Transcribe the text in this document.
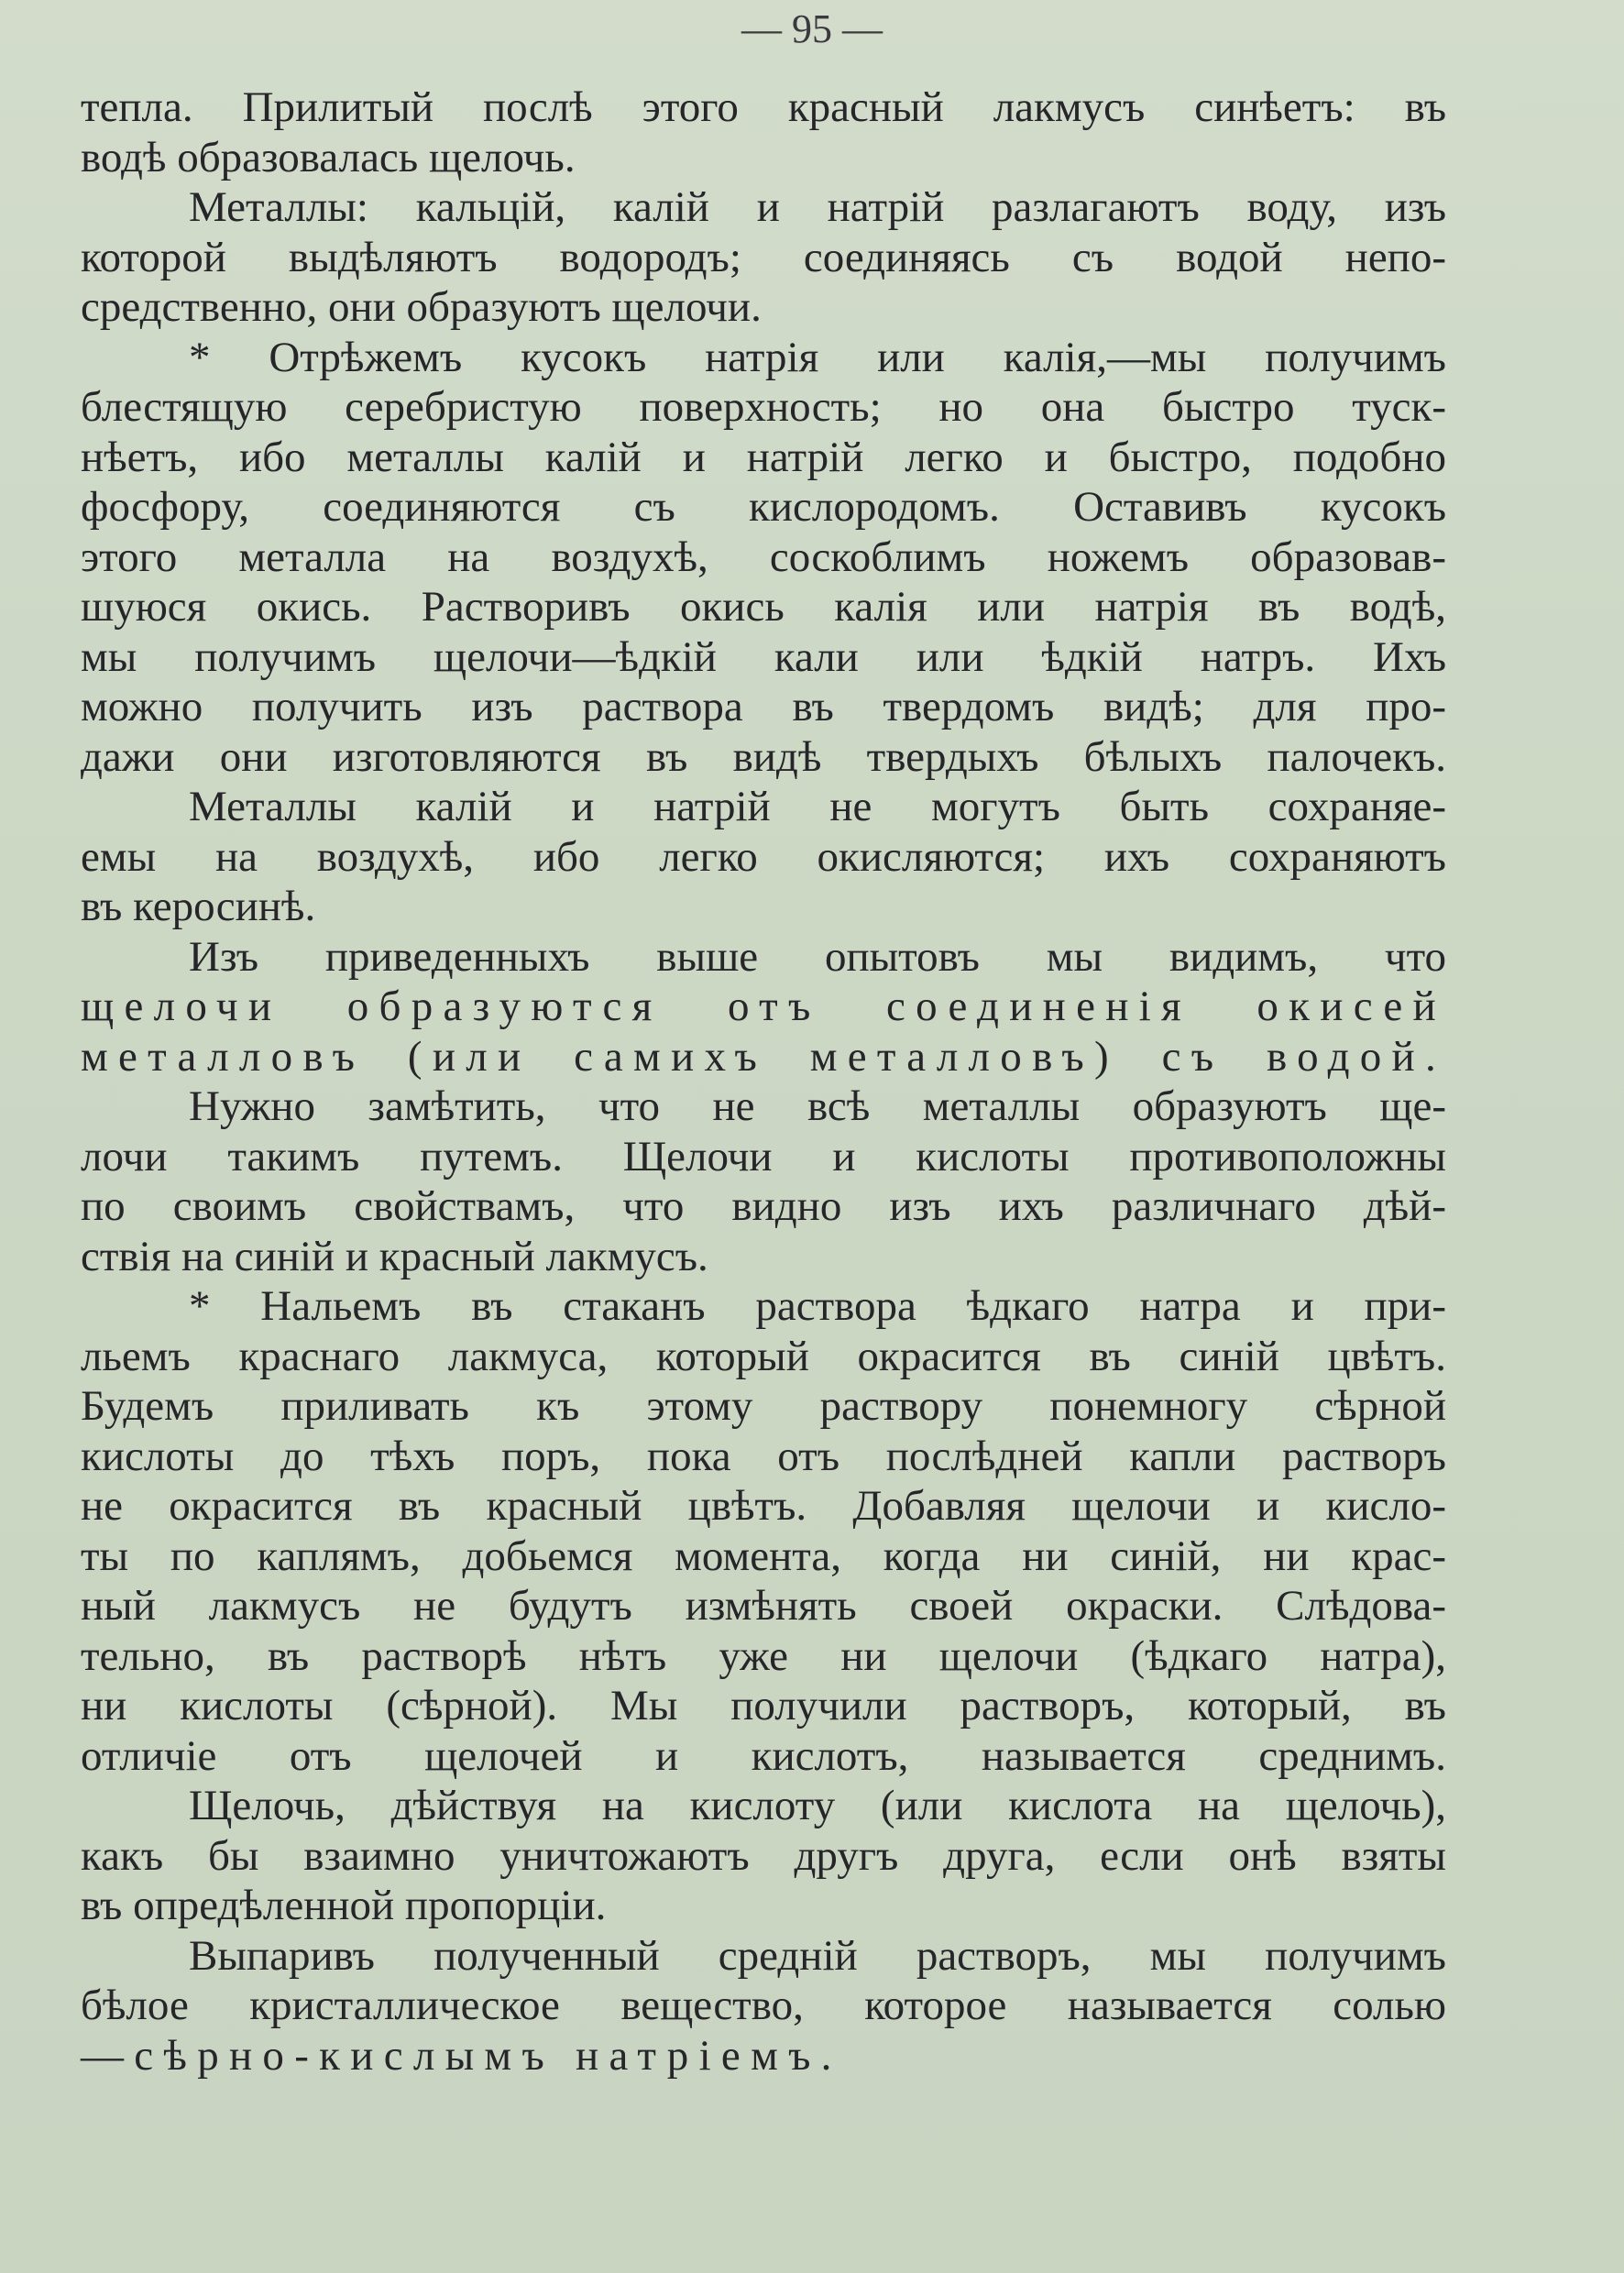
— 95 —
тепла. Прилитый послѣ этого красный лакмусъ синѣетъ: въ
водѣ образовалась щелочь.
Металлы: кальцій, калій и натрій разлагаютъ воду, изъ
которой выдѣляютъ водородъ; соединяясь съ водой непо-
средственно, они образуютъ щелочи.
* Отрѣжемъ кусокъ натрія или калія,—мы получимъ
блестящую серебристую поверхность; но она быстро туск-
нѣетъ, ибо металлы калій и натрій легко и быстро, подобно
фосфору, соединяются съ кислородомъ. Оставивъ кусокъ
этого металла на воздухѣ, соскоблимъ ножемъ образовав-
шуюся окись. Растворивъ окись калія или натрія въ водѣ,
мы получимъ щелочи—ѣдкій кали или ѣдкій натръ. Ихъ
можно получить изъ раствора въ твердомъ видѣ; для про-
дажи они изготовляются въ видѣ твердыхъ бѣлыхъ палочекъ.
Металлы калій и натрій не могутъ быть сохраняе-
емы на воздухѣ, ибо легко окисляются; ихъ сохраняютъ
въ керосинѣ.
Изъ приведенныхъ выше опытовъ мы видимъ, что
щелочи образуются отъ соединенія окисей
металловъ (или самихъ металловъ) съ водой.
Нужно замѣтить, что не всѣ металлы образуютъ ще-
лочи такимъ путемъ. Щелочи и кислоты противоположны
по своимъ свойствамъ, что видно изъ ихъ различнаго дѣй-
ствія на синій и красный лакмусъ.
* Нальемъ въ стаканъ раствора ѣдкаго натра и при-
льемъ краснаго лакмуса, который окрасится въ синій цвѣтъ.
Будемъ приливать къ этому раствору понемногу сѣрной
кислоты до тѣхъ поръ, пока отъ послѣдней капли растворъ
не окрасится въ красный цвѣтъ. Добавляя щелочи и кисло-
ты по каплямъ, добьемся момента, когда ни синій, ни крас-
ный лакмусъ не будутъ измѣнять своей окраски. Слѣдова-
тельно, въ растворѣ нѣтъ уже ни щелочи (ѣдкаго натра),
ни кислоты (сѣрной). Мы получили растворъ, который, въ
отличіе отъ щелочей и кислотъ, называется среднимъ.
Щелочь, дѣйствуя на кислоту (или кислота на щелочь),
какъ бы взаимно уничтожаютъ другъ друга, если онѣ взяты
въ опредѣленной пропорціи.
Выпаривъ полученный средній растворъ, мы получимъ
бѣлое кристаллическое вещество, которое называется солью
—сѣрно-кислымъ натріемъ.
